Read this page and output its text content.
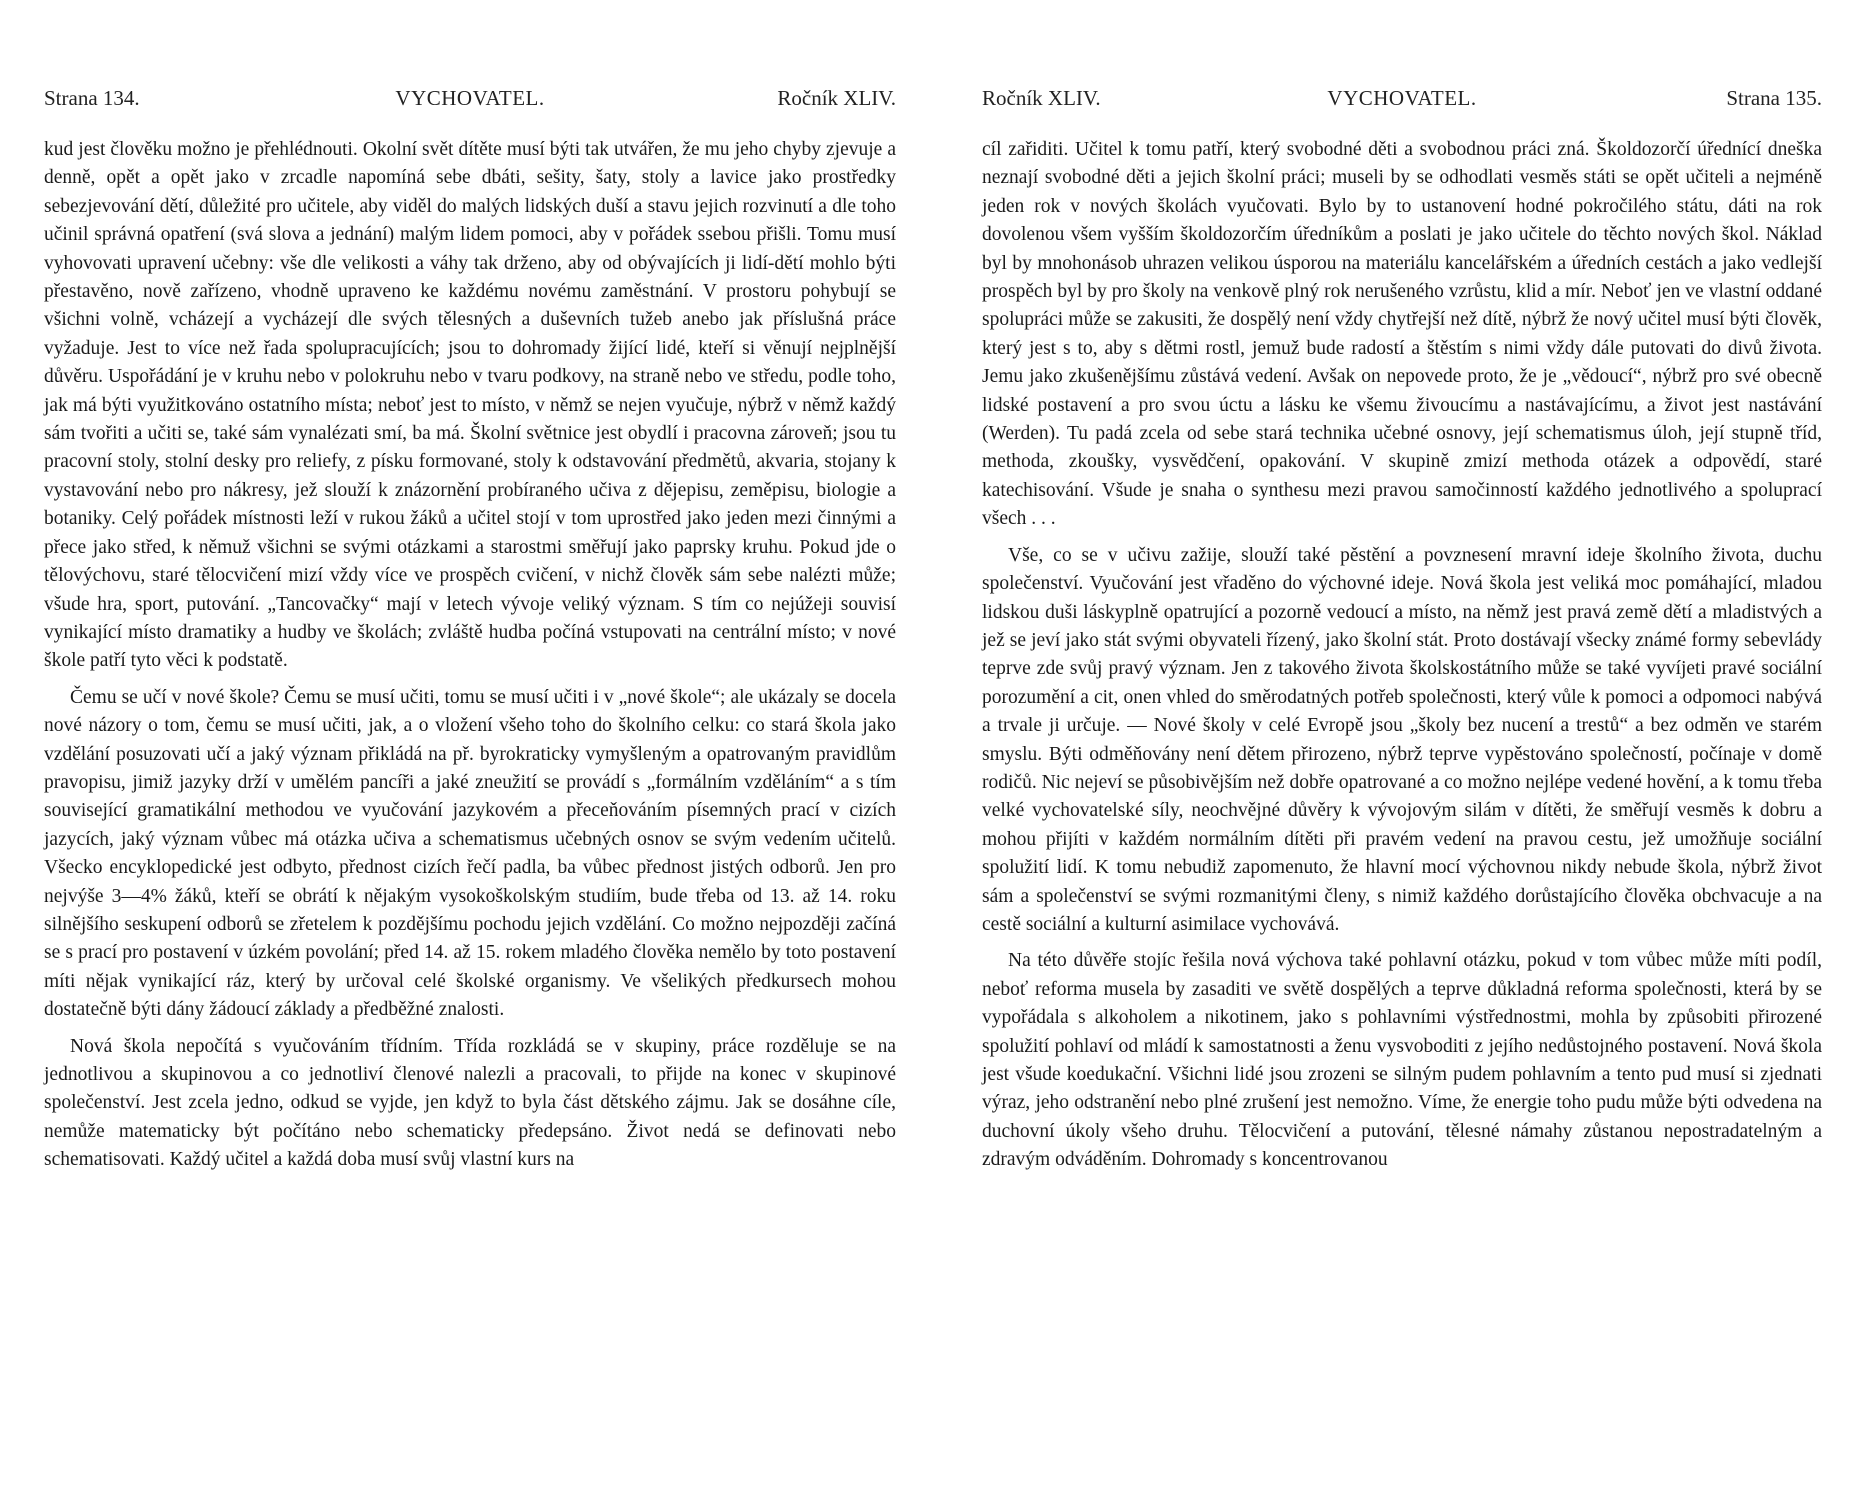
Strana 134.	VYCHOVATEL.	Ročník XLIV.

kud jest člověku možno je přehlédnouti. Okolní svět dítěte musí býti tak utvářen, že mu jeho chyby zjevuje a denně, opět a opět jako v zrcadle napomíná sebe dbáti, sešity, šaty, stoly a lavice jako prostředky sebezjevování dětí, důležité pro učitele, aby viděl do malých lidských duší a stavu jejich rozvinutí a dle toho učinil správná opatření (svá slova a jednání) malým lidem pomoci, aby v pořádek ssebou přišli. Tomu musí vyhovovati upravení učebny: vše dle velikosti a váhy tak drženo, aby od obývajících ji lidí-dětí mohlo býti přestavěno, nově zařízeno, vhodně upraveno ke každému novému zaměstnání. V prostoru pohybují se všichni volně, vcházejí a vycházejí dle svých tělesných a duševních tužeb anebo jak příslušná práce vyžaduje. Jest to více než řada spolupracujících; jsou to dohromady žijící lidé, kteří si věnují nejplnější důvěru. Uspořádání je v kruhu nebo v polokruhu nebo v tvaru podkovy, na straně nebo ve středu, podle toho, jak má býti využitkováno ostatního místa; neboť jest to místo, v němž se nejen vyučuje, nýbrž v němž každý sám tvořiti a učiti se, také sám vynalézati smí, ba má. Školní světnice jest obydlí i pracovna zároveň; jsou tu pracovní stoly, stolní desky pro reliefy, z písku formované, stoly k odstavování předmětů, akvaria, stojany k vystavování nebo pro nákresy, jež slouží k znázornění probíraného učiva z dějepisu, zeměpisu, biologie a botaniky. Celý pořádek místnosti leží v rukou žáků a učitel stojí v tom uprostřed jako jeden mezi činnými a přece jako střed, k němuž všichni se svými otázkami a starostmi směřují jako paprsky kruhu. Pokud jde o tělovýchovu, staré tělocvičení mizí vždy více ve prospěch cvičení, v nichž člověk sám sebe nalézti může; všude hra, sport, putování. „Tancovačky“ mají v letech vývoje veliký význam. S tím co nejúžeji souvisí vynikající místo dramatiky a hudby ve školách; zvláště hudba počíná vstupovati na centrální místo; v nové škole patří tyto věci k podstatě.

Čemu se učí v nové škole? Čemu se musí učiti, tomu se musí učiti i v „nové škole“; ale ukázaly se docela nové názory o tom, čemu se musí učiti, jak, a o vložení všeho toho do školního celku: co stará škola jako vzdělání posuzovati učí a jaký význam přikládá na př. byrokraticky vymyšleným a opatrovaným pravidlům pravopisu, jimiž jazyky drží v umělém pancíři a jaké zneužití se provádí s „formálním vzděláním“ a s tím související gramatikální methodou ve vyučování jazykovém a přeceňováním písemných prací v cizích jazycích, jaký význam vůbec má otázka učiva a schematismus učebných osnov se svým vedením učitelů. Všecko encyklopedické jest odbyto, přednost cizích řečí padla, ba vůbec přednost jistých odborů. Jen pro nejvýše 3—4% žáků, kteří se obrátí k nějakým vysokoškolským studiím, bude třeba od 13. až 14. roku silnějšího seskupení odborů se zřetelem k pozdějšímu pochodu jejich vzdělání. Co možno nejpozději začíná se s prací pro postavení v úzkém povolání; před 14. až 15. rokem mladého člověka nemělo by toto postavení míti nějak vynikající ráz, který by určoval celé školské organismy. Ve všelikých předkursech mohou dostatečně býti dány žádoucí základy a předběžné znalosti.

Nová škola nepočítá s vyučováním třídním. Třída rozkládá se v skupiny, práce rozděluje se na jednotlivou a skupinovou a co jednotliví členové nalezli a pracovali, to přijde na konec v skupinové společenství. Jest zcela jedno, odkud se vyjde, jen když to byla část dětského zájmu. Jak se dosáhne cíle, nemůže matematicky být počítáno nebo schematicky předepsáno. Život nedá se definovati nebo schematisovati. Každý učitel a každá doba musí svůj vlastní kurs na

Ročník XLIV.	VYCHOVATEL.	Strana 135.

cíl zařiditi. Učitel k tomu patří, který svobodné děti a svobodnou práci zná. Školdozorčí úřednící dneška neznají svobodné děti a jejich školní práci; museli by se odhodlati vesměs státi se opět učiteli a nejméně jeden rok v nových školách vyučovati. Bylo by to ustanovení hodné pokročilého státu, dáti na rok dovolenou všem vyšším školdozorčím úředníkům a poslati je jako učitele do těchto nových škol. Náklad byl by mnohonásob uhrazen velikou úsporou na materiálu kancelářském a úředních cestách a jako vedlejší prospěch byl by pro školy na venkově plný rok nerušeného vzrůstu, klid a mír. Neboť jen ve vlastní oddané spolupráci může se zakusiti, že dospělý není vždy chytřejší než dítě, nýbrž že nový učitel musí býti člověk, který jest s to, aby s dětmi rostl, jemuž bude radostí a štěstím s nimi vždy dále putovati do divů života. Jemu jako zkušenějšímu zůstává vedení. Avšak on nepovede proto, že je „vědoucí“, nýbrž pro své obecně lidské postavení a pro svou úctu a lásku ke všemu živoucímu a nastávajícímu, a život jest nastávání (Werden). Tu padá zcela od sebe stará technika učebné osnovy, její schematismus úloh, její stupně tříd, methoda, zkoušky, vysvědčení, opakování. V skupině zmizí methoda otázek a odpovědí, staré katechisování. Všude je snaha o synthesu mezi pravou samočinností každého jednotlivého a spoluprací všech . . .

Vše, co se v učivu zažije, slouží také pěstění a povznesení mravní ideje školního života, duchu společenství. Vyučování jest vřaděno do výchovné ideje. Nová škola jest veliká moc pomáhající, mladou lidskou duši láskyplně opatrující a pozorně vedoucí a místo, na němž jest pravá země dětí a mladistvých a jež se jeví jako stát svými obyvateli řízený, jako školní stát. Proto dostávají všecky známé formy sebevlády teprve zde svůj pravý význam. Jen z takového života školskostátního může se také vyvíjeti pravé sociální porozumění a cit, onen vhled do směrodatných potřeb společnosti, který vůle k pomoci a odpomoci nabývá a trvale ji určuje. — Nové školy v celé Evropě jsou „školy bez nucení a trestů“ a bez odměn ve starém smyslu. Býti odměňovány není dětem přirozeno, nýbrž teprve vypěstováno společností, počínaje v domě rodičů. Nic nejeví se působivějším než dobře opatrované a co možno nejlépe vedené hovění, a k tomu třeba velké vychovatelské síly, neochvějné důvěry k vývojovým silám v dítěti, že směřují vesměs k dobru a mohou přijíti v každém normálním dítěti při pravém vedení na pravou cestu, jež umožňuje sociální spolužití lidí. K tomu nebudiž zapomenuto, že hlavní mocí výchovnou nikdy nebude škola, nýbrž život sám a společenství se svými rozmanitými členy, s nimiž každého dorůstajícího člověka obchvacuje a na cestě sociální a kulturní asimilace vychovává.

Na této důvěře stojíc řešila nová výchova také pohlavní otázku, pokud v tom vůbec může míti podíl, neboť reforma musela by zasaditi ve světě dospělých a teprve důkladná reforma společnosti, která by se vypořádala s alkoholem a nikotinem, jako s pohlavními výstřednostmi, mohla by způsobiti přirozené spolužití pohlaví od mládí k samostatnosti a ženu vysvoboditi z jejího nedůstojného postavení. Nová škola jest všude koedukační. Všichni lidé jsou zrozeni se silným pudem pohlavním a tento pud musí si zjednati výraz, jeho odstranění nebo plné zrušení jest nemožno. Víme, že energie toho pudu může býti odvedena na duchovní úkoly všeho druhu. Tělocvičení a putování, tělesné námahy zůstanou nepostradatelným a zdravým odváděním. Dohromady s koncentrovanou
